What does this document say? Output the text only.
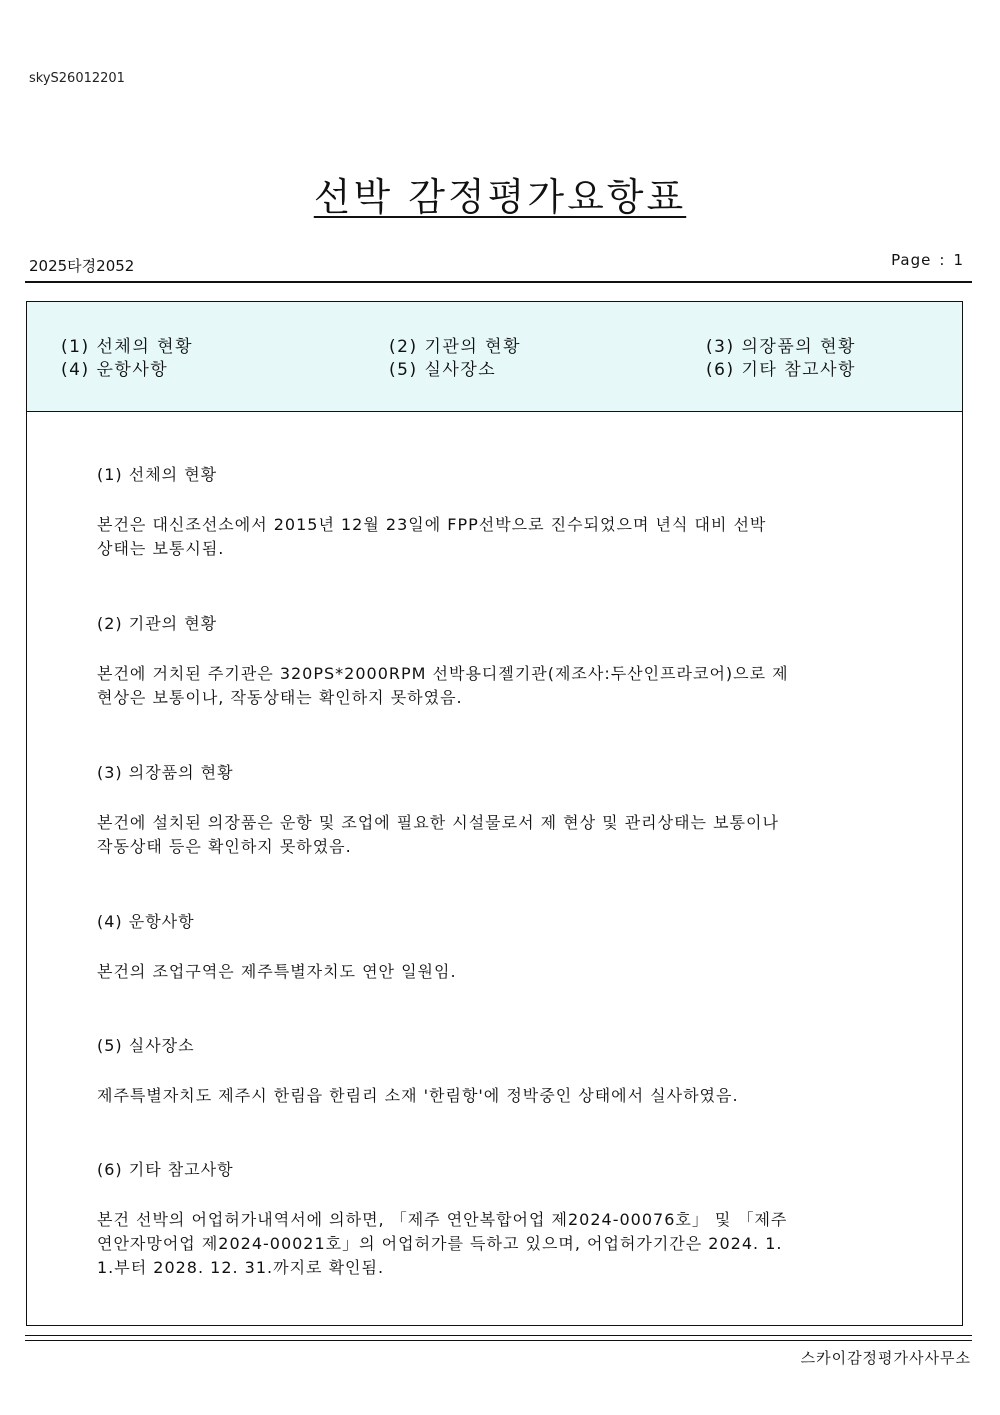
skyS26012201
선박 감정평가요항표
2025타경2052	Page : 1
(1) 선체의 현황	(2) 기관의 현황	(3) 의장품의 현황
(4) 운항사항	(5) 실사장소	(6) 기타 참고사항
(1) 선체의 현황

본건은 대신조선소에서 2015년 12월 23일에 FPP선박으로 진수되었으며 년식 대비 선박
상태는 보통시됨.

(2) 기관의 현황

본건에 거치된 주기관은 320PS*2000RPM 선박용디젤기관(제조사:두산인프라코어)으로 제
현상은 보통이나, 작동상태는 확인하지 못하였음.

(3) 의장품의 현황

본건에 설치된 의장품은 운항 및 조업에 필요한 시설물로서 제 현상 및 관리상태는 보통이나
작동상태 등은 확인하지 못하였음.

(4) 운항사항

본건의 조업구역은 제주특별자치도 연안 일원임.

(5) 실사장소

제주특별자치도 제주시 한림읍 한림리 소재 '한림항'에 정박중인 상태에서 실사하였음.

(6) 기타 참고사항

본건 선박의 어업허가내역서에 의하면, 「제주 연안복합어업 제2024-00076호」 및 「제주
연안자망어업 제2024-00021호」의 어업허가를 득하고 있으며, 어업허가기간은 2024. 1.
1.부터 2028. 12. 31.까지로 확인됨.

스카이감정평가사사무소
